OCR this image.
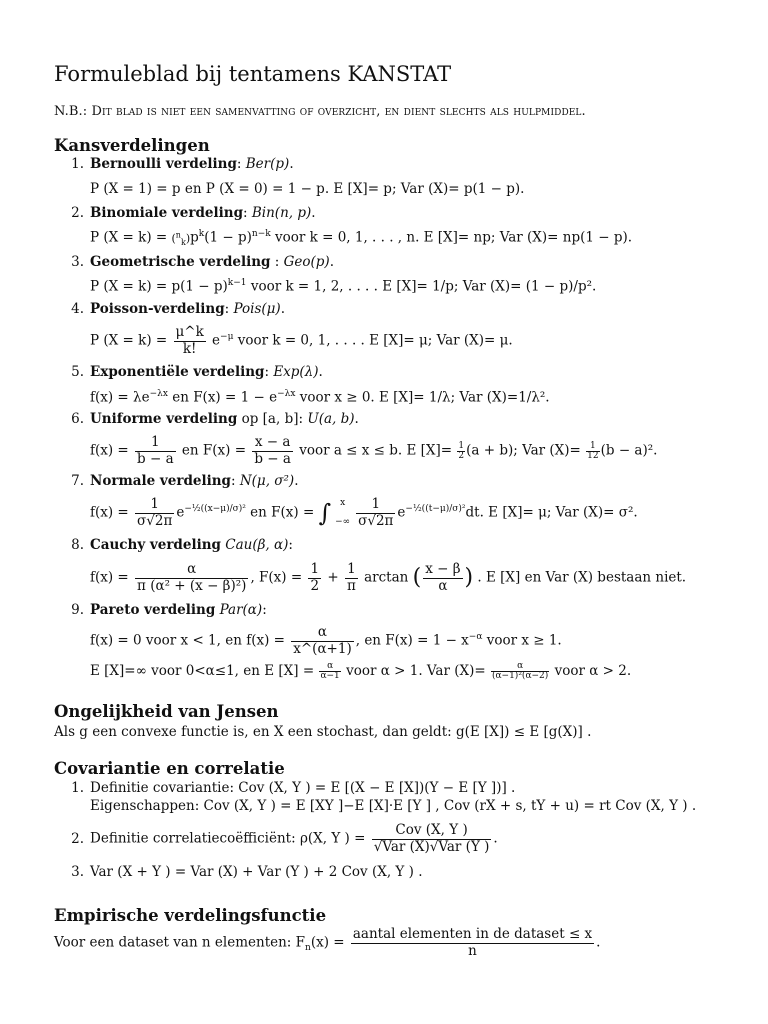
Formuleblad bij tentamens KANSTAT
N.B.: Dit blad is niet een samenvatting of overzicht, en dient slechts als hulpmiddel.
Kansverdelingen
1. Bernoulli verdeling: Ber(p).
P (X = 1) = p en P (X = 0) = 1 − p. E [X]= p; Var (X)= p(1 − p).
2. Binomiale verdeling: Bin(n, p).
P $(X = k) = (^n_k)p^k(1 - p)^{n-k}$ voor k = 0, 1, . . . , n. E [X]= np; Var (X)= np(1 − p).
3. Geometrische verdeling : Geo(p).
P $(X = k) = p(1 - p)^{k-1}$ voor k = 1, 2, . . . . E [X]= 1/p; Var (X)= (1 − p)/p².
4. Poisson-verdeling: Pois(μ).
P $(X = k) = \frac{\mu\^{}k}{k!} e^{-\mu}$ voor k = 0, 1, . . . . E [X]= μ; Var (X)= μ.
5. Exponentiële verdeling: Exp(λ).
$f(x) = \lambda e^{-\lambda x}$ en $F(x) = 1 - e^{-\lambda x}$ voor x ≥ 0. E [X]= 1/λ; Var (X)=1/λ².
6. Uniforme verdeling op [a, b]: U(a, b).
$f(x) = \frac{1}{b - a}$ en $F(x) = \frac{x - a}{b - a}$ voor a ≤ x ≤ b. E $[X]= \frac{1}{2} (a + b)$; Var $(X)= \frac{1}{12} (b - a)^2$.
7. Normale verdeling: N(μ, σ²).
$f(x) = \frac{1}{\sigma√2\pi} e^{-\frac{1}{2}((x-\mu)/\sigma)^2}$ en F(x) = ∫ x
−∞ $\frac{1}{\sigma√2\pi} e^{-\frac{1}{2}((t-\mu)/\sigma)^2}dt$. E [X]= μ; Var (X)= σ².
8. Cauchy verdeling Cau(β, α):
$f(x) = \frac{\alpha}{\text{π (α² + (x − β)²)}}$ , $F(x) = \frac{1}{2} + \frac{1}{\pi}$ arctan ( $\frac{x - \beta}{\alpha}$ ) . E [X] en Var (X) bestaan niet.
9. Pareto verdeling Par(α):
f(x) = 0 voor x < 1, en $f(x) = \frac{\alpha}{x\^{}(\alpha+1)}$ , en $F(x) = 1 - x^{-\alpha}$ voor x ≥ 1.
E [X]=∞ voor 0<α≤1, en E $[X] = \frac{\alpha}{\alpha-1}$ voor α > 1. Var $(X)= \frac{\alpha}{\text{(α−1)²(α−2)}}$ voor α > 2.
Ongelijkheid van Jensen
Als g een convexe functie is, en X een stochast, dan geldt: g(E [X]) ≤ E [g(X)] .
Covariantie en correlatie
1. Definitie covariantie: Cov (X, Y ) = E [(X − E [X])(Y − E [Y ])] .
Eigenschappen: Cov (X, Y ) = E [XY ]−E [X]·E [Y ] , Cov (rX + s, tY + u) = rt Cov (X, Y ) .
2. Definitie correlatiecoëfficiënt: ρ(X, Y ) = $\frac{\text{Cov (X, Y )}}{\text{√Var (X)√Var (Y )}}$ .
3. Var (X + Y ) = Var (X) + Var (Y ) + 2 Cov (X, Y ) .
Empirische verdelingsfunctie
Voor een dataset van n elementen: $F_n(x) = \frac{\text{aantal elementen in de dataset ≤ x}}{n}$ .
